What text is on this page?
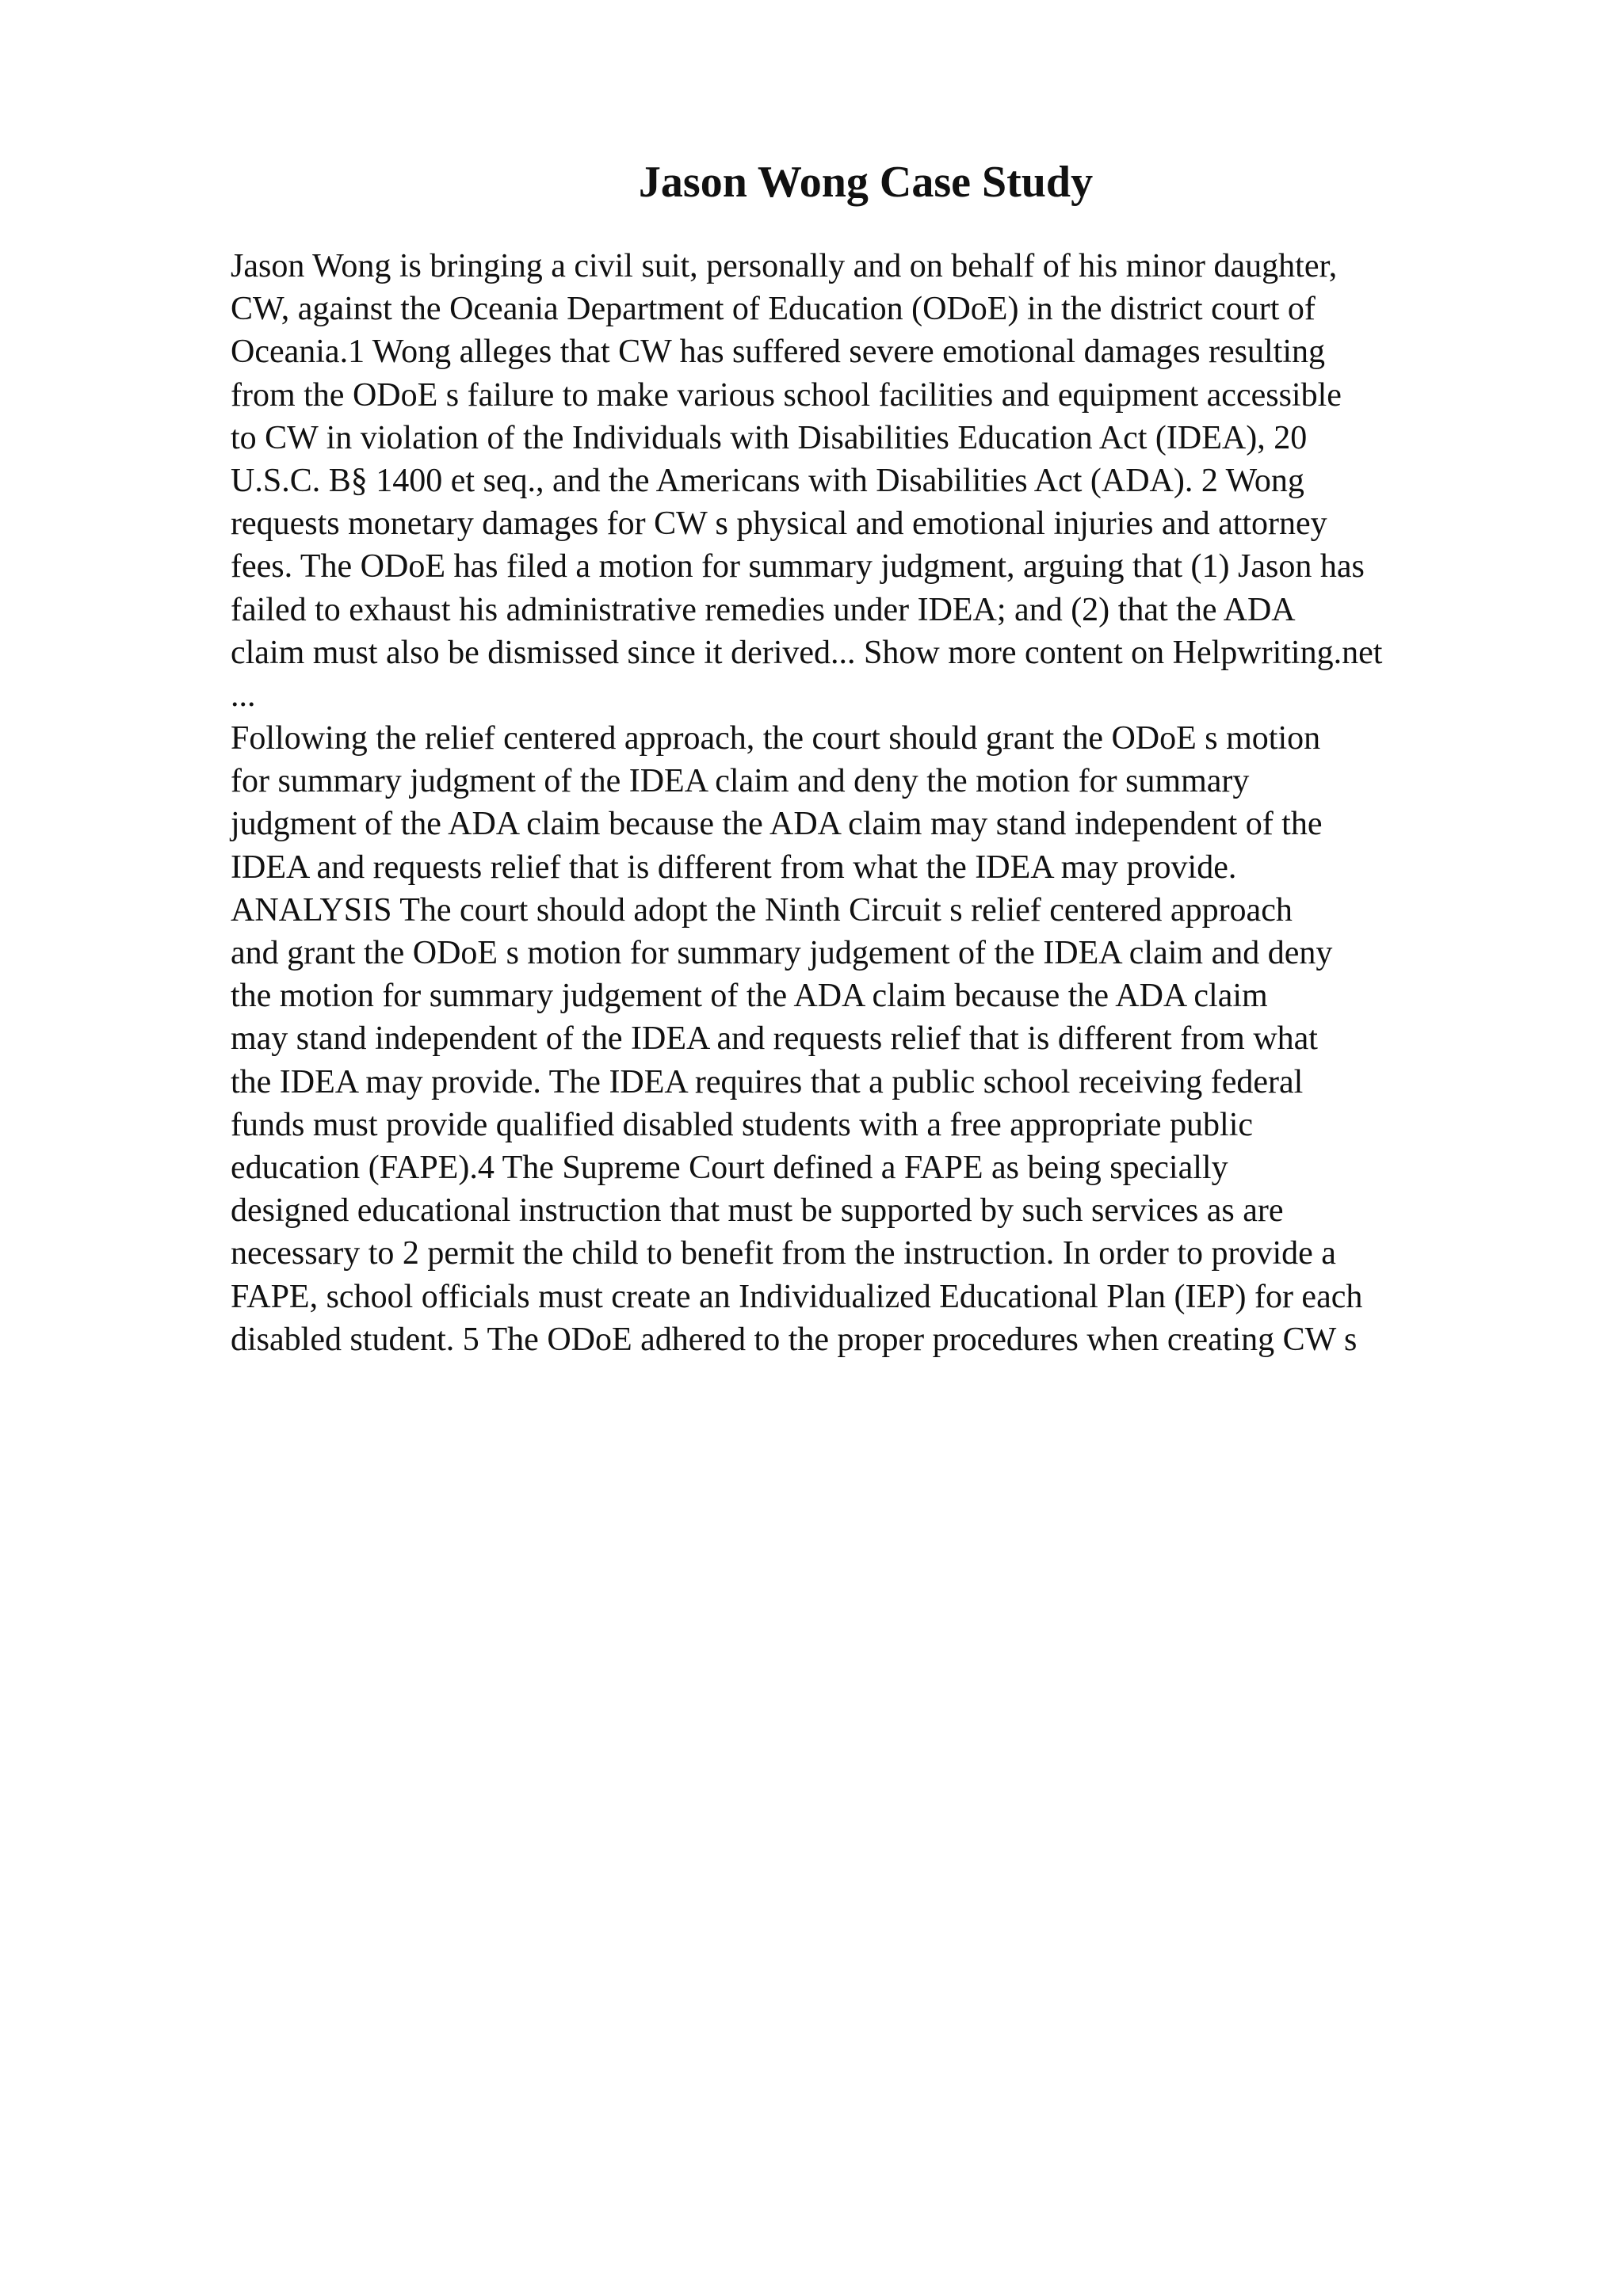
Jason Wong Case Study
Jason Wong is bringing a civil suit, personally and on behalf of his minor daughter,
CW, against the Oceania Department of Education (ODoE) in the district court of
Oceania.1 Wong alleges that CW has suffered severe emotional damages resulting
from the ODoE s failure to make various school facilities and equipment accessible
to CW in violation of the Individuals with Disabilities Education Act (IDEA), 20
U.S.C. B§ 1400 et seq., and the Americans with Disabilities Act (ADA). 2 Wong
requests monetary damages for CW s physical and emotional injuries and attorney
fees. The ODoE has filed a motion for summary judgment, arguing that (1) Jason has
failed to exhaust his administrative remedies under IDEA; and (2) that the ADA
claim must also be dismissed since it derived... Show more content on Helpwriting.net
...
Following the relief centered approach, the court should grant the ODoE s motion
for summary judgment of the IDEA claim and deny the motion for summary
judgment of the ADA claim because the ADA claim may stand independent of the
IDEA and requests relief that is different from what the IDEA may provide.
ANALYSIS The court should adopt the Ninth Circuit s relief centered approach
and grant the ODoE s motion for summary judgement of the IDEA claim and deny
the motion for summary judgement of the ADA claim because the ADA claim
may stand independent of the IDEA and requests relief that is different from what
the IDEA may provide. The IDEA requires that a public school receiving federal
funds must provide qualified disabled students with a free appropriate public
education (FAPE).4 The Supreme Court defined a FAPE as being specially
designed educational instruction that must be supported by such services as are
necessary to 2 permit the child to benefit from the instruction. In order to provide a
FAPE, school officials must create an Individualized Educational Plan (IEP) for each
disabled student. 5 The ODoE adhered to the proper procedures when creating CW s
